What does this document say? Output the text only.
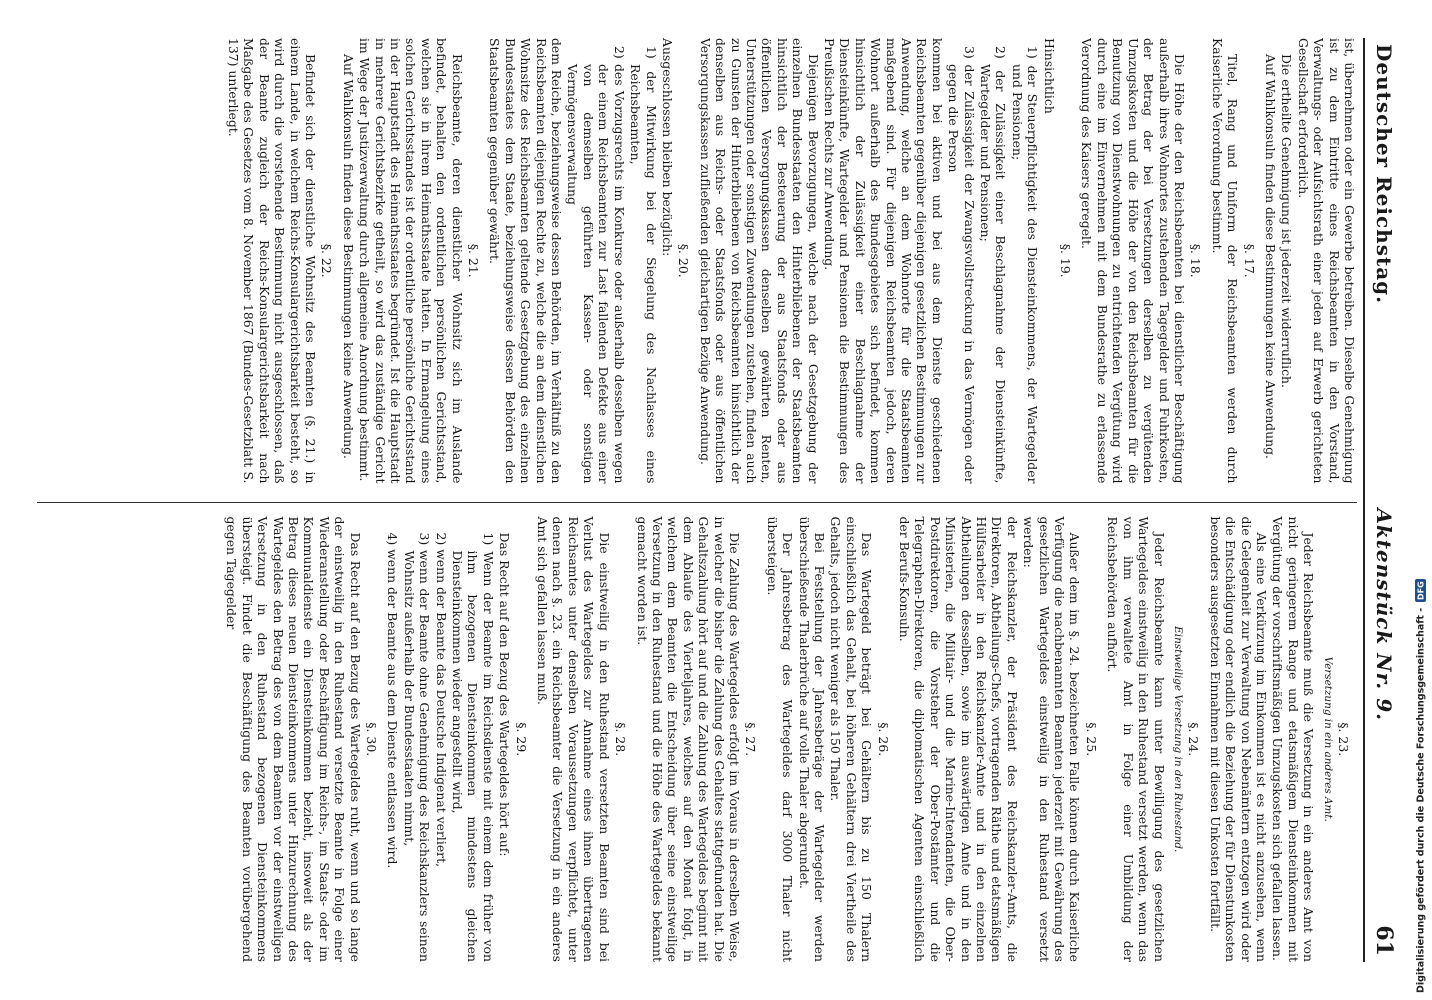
Deutscher Reichstag.
Aktenstück Nr. 9.
61

ist, übernehmen oder ein Gewerbe betreiben. Dieselbe Genehmigung ist zu dem Eintritte eines Reichsbeamten in den Vorstand, Verwaltungs- oder Aufsichtsrath einer jeden auf Erwerb gerichteten Gesellschaft erforderlich.

Die ertheilte Genehmigung ist jederzeit widerruflich.

Auf Wahlkonsuln finden diese Bestimmungen keine Anwendung.

§. 17.

Titel, Rang und Uniform der Reichsbeamten werden durch Kaiserliche Verordnung bestimmt.

§. 18.

Die Höhe der den Reichsbeamten bei dienstlicher Beschäftigung außerhalb ihres Wohnortes zustehenden Tagegelder und Fuhrkosten, der Betrag der bei Versetzungen derselben zu vergütenden Umzugskosten und die Höhe der von den Reichsbeamten für die Benutzung von Dienstwohnungen zu entrichtenden Vergütung wird durch eine im Einvernehmen mit dem Bundesrathe zu erlassende Verordnung des Kaisers geregelt.

§. 19.

Hinsichtlich

1) der Steuerpflichtigkeit des Diensteinkommens, der Wartegelder und Pensionen;

2) der Zulässigkeit einer Beschlagnahme der Diensteinkünfte, Wartegelder und Pensionen;

3) der Zulässigkeit der Zwangsvollstreckung in das Vermögen oder gegen die Person

kommen bei aktiven und bei aus dem Dienste geschiedenen Reichsbeamten gegenüber diejenigen gesetzlichen Bestimmungen zur Anwendung, welche an dem Wohnorte für die Staatsbeamten maßgebend sind. Für diejenigen Reichsbeamten jedoch, deren Wohnort außerhalb des Bundesgebietes sich befindet, kommen hinsichtlich der Zulässigkeit einer Beschlagnahme der Diensteinkünfte, Wartegelder und Pensionen die Bestimmungen des Preußischen Rechts zur Anwendung.

Diejenigen Bevorzugungen, welche nach der Gesetzgebung der einzelnen Bundesstaaten den Hinterbliebenen der Staatsbeamten hinsichtlich der Besteuerung der aus Staatsfonds oder aus öffentlichen Versorgungskassen denselben gewährten Renten, Unterstützungen oder sonstigen Zuwendungen zustehen, finden auch zu Gunsten der Hinterbliebenen von Reichsbeamten hinsichtlich der denselben aus Reichs- oder Staatsfonds oder aus öffentlichen Versorgungskassen zufließenden gleichartigen Bezüge Anwendung.

§. 20.

Ausgeschlossen bleiben bezüglich:

1) der Mitwirkung bei der Siegelung des Nachlasses eines Reichsbeamten,

2) des Vorzugsrechts im Konkurse oder außerhalb desselben wegen der einem Reichsbeamten zur Last fallenden Defekte aus einer von demselben geführten Kassen- oder sonstigen Vermögensverwaltung

dem Reiche, beziehungsweise dessen Behörden, im Verhältniß zu den Reichsbeamten diejenigen Rechte zu, welche die an dem dienstlichen Wohnsitze des Reichsbeamten geltende Gesetzgebung des einzelnen Bundesstaates dem Staate, beziehungsweise dessen Behörden den Staatsbeamten gegenüber gewährt.

§. 21.

Reichsbeamte, deren dienstlicher Wohnsitz sich im Auslande befindet, behalten den ordentlichen persönlichen Gerichtsstand, welchen sie in ihrem Heimathsstaate hatten. In Ermangelung eines solchen Gerichtsstandes ist der ordentliche persönliche Gerichtsstand in der Hauptstadt des Heimathsstaates begründet. Ist die Hauptstadt in mehrere Gerichtsbezirke getheilt, so wird das zuständige Gericht im Wege der Justizverwaltung durch allgemeine Anordnung bestimmt.

Auf Wahlkonsuln finden diese Bestimmungen keine Anwendung.

§. 22.

Befindet sich der dienstliche Wohnsitz des Beamten (§. 21.) in einem Lande, in welchem Reichs-Konsulargerichtsbarkeit besteht, so wird durch die vorstehende Bestimmung nicht ausgeschlossen, daß der Beamte zugleich der Reichs-Konsulargerichtsbarkeit nach Maßgabe des Gesetzes vom 8. November 1867 (Bundes-Gesetzblatt S. 137) unterliegt.

§. 23.
Versetzung in ein anderes Amt.

Jeder Reichsbeamte muß die Versetzung in ein anderes Amt von nicht geringerem Range und etatsmäßigem Diensteinkommen mit Vergütung der vorschriftsmäßigen Umzugskosten sich gefallen lassen.

Als eine Verkürzung im Einkommen ist es nicht anzusehen, wenn die Gelegenheit zur Verwaltung von Nebenämtern entzogen wird oder die Entschädigung oder endlich die Beziehung der für Dienstunkosten besonders ausgesetzten Einnahmen mit diesen Unkosten fortfällt.

§. 24.
Einstweilige Versetzung in den Ruhestand.

Jeder Reichsbeamte kann unter Bewilligung des gesetzlichen Wartegeldes einstweilig in den Ruhestand versetzt werden, wenn das von ihm verwaltete Amt in Folge einer Umbildung der Reichsbehörden aufhört.

§. 25.

Außer dem im §. 24. bezeichneten Falle können durch Kaiserliche Verfügung die nachbenannten Beamten jederzeit mit Gewährung des gesetzlichen Wartegeldes einstweilig in den Ruhestand versetzt werden:

der Reichskanzler, der Präsident des Reichskanzler-Amts, die Direktoren, Abtheilungs-Chefs, vortragenden Räthe und etatsmäßigen Hülfsarbeiter in den Reichskanzler-Amte und in den einzelnen Abtheilungen desselben, sowie im auswärtigen Amte und in den Ministerien, die Militair- und die Marine-Intendanten, die Ober-Postdirektoren, die Vorsteher der Ober-Postämter und die Telegraphen-Direktoren, die diplomatischen Agenten einschließlich der Berufs-Konsuln.

§. 26.

Das Wartegeld beträgt bei Gehältern bis zu 150 Thalern einschließlich das Gehalt, bei höheren Gehältern drei Viertheile des Gehalts, jedoch nicht weniger als 150 Thaler.

Bei Feststellung der Jahresbeträge der Wartegelder werden überschießende Thalerbrüche auf volle Thaler abgerundet.

Der Jahresbetrag des Wartegeldes darf 3000 Thaler nicht übersteigen.

§. 27.

Die Zahlung des Wartegeldes erfolgt im Voraus in derselben Weise, in welcher die bisher die Zahlung des Gehaltes stattgefunden hat. Die Gehaltszahlung hört auf und die Zahlung des Wartegeldes beginnt mit dem Ablaufe des Vierteljahres, welches auf den Monat folgt, in welchem dem Beamten die Entscheidung über seine einstweilige Versetzung in den Ruhestand und die Höhe des Wartegeldes bekannt gemacht worden ist.

§. 28.

Die einstweilig in den Ruhestand versetzten Beamten sind bei Verlust des Wartegeldes zur Annahme eines ihnen übertragenen Reichsamtes unter denselben Voraussetzungen verpflichtet, unter denen nach §. 23. ein Reichsbeamter die Versetzung in ein anderes Amt sich gefallen lassen muß.

§. 29.

Das Recht auf den Bezug des Wartegeldes hört auf:

1) Wenn der Beamte im Reichsdienste mit einem dem früher von ihm bezogenen Diensteinkommen mindestens gleichen Diensteinkommen wieder angestellt wird,

2) wenn der Beamte das Deutsche Indigenat verliert,

3) wenn der Beamte ohne Genehmigung des Reichskanzlers seinen Wohnsitz außerhalb der Bundesstaaten nimmt,

4) wenn der Beamte aus dem Dienste entlassen wird.

§. 30.

Das Recht auf den Bezug des Wartegeldes ruht, wenn und so lange der einstweilig in den Ruhestand versetzte Beamte in Folge einer Wiederanstellung oder Beschäftigung im Reichs-, im Staats- oder im Kommunaldienste ein Diensteinkommen bezieht, insoweit als der Betrag dieses neuen Diensteinkommens unter Hinzurechnung des Wartegeldes den Betrag des von dem Beamten vor der einstweiligen Versetzung in den Ruhestand bezogenen Diensteinkommens übersteigt. Findet die Beschäftigung des Beamten vorübergehend gegen Tagegelder

Digitalisierung gefördert durch die Deutsche Forschungsgemeinschaft -
DFG
